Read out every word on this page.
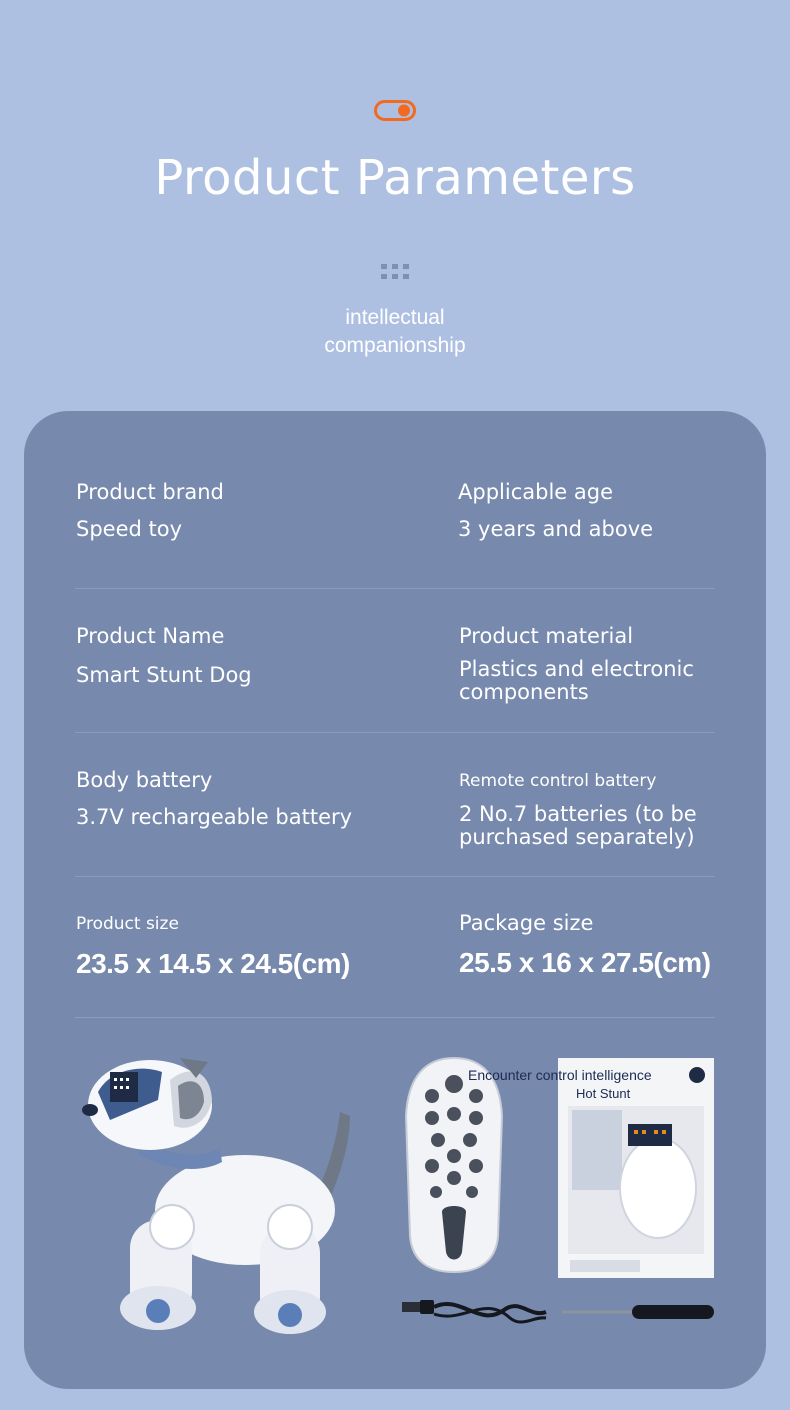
Product Parameters
intellectual
companionship
Product brand
Speed toy
Applicable age
3 years and above
Product Name
Smart Stunt Dog
Product material
Plastics and electronic
components
Body battery
3.7V rechargeable battery
Remote control battery
2 No.7 batteries (to be
purchased separately)
Product size
23.5 x 14.5 x 24.5(cm)
Package size
25.5 x 16 x 27.5(cm)
Encounter control intelligence
Hot Stunt
